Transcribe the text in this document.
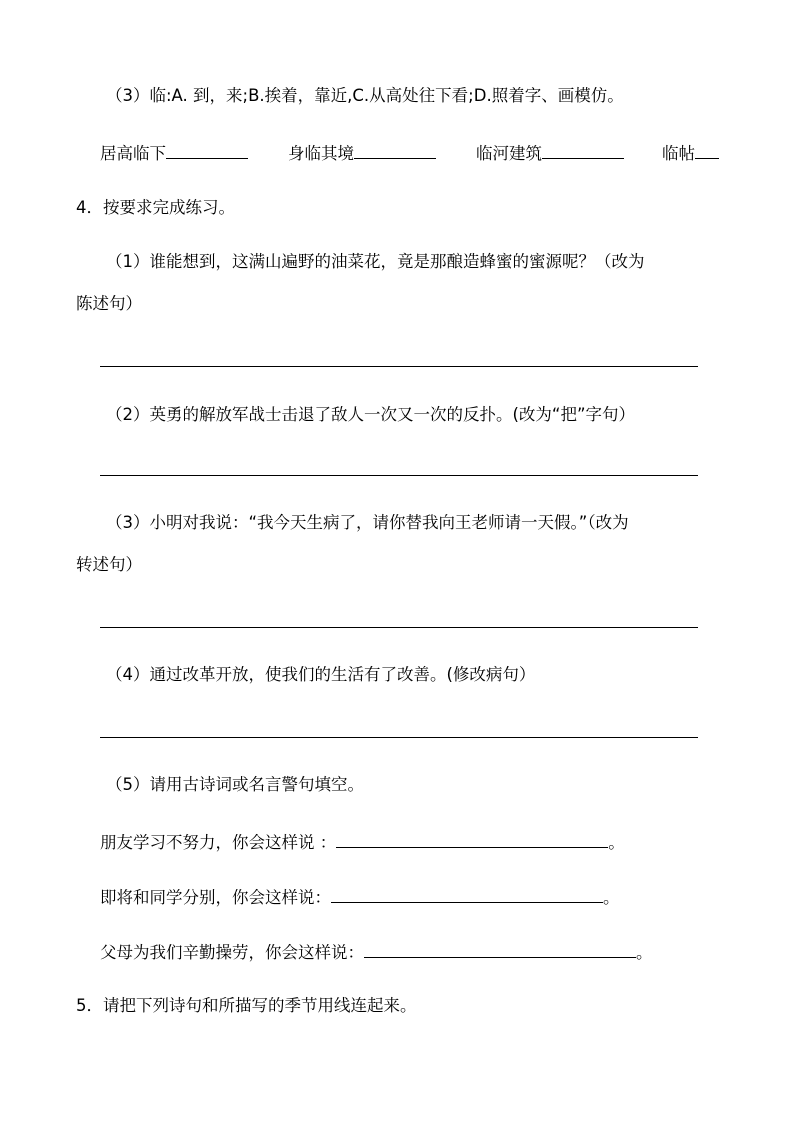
（3）临:A. 到，来;B.挨着，靠近,C.从高处往下看;D.照着字、画模仿。
居高临下	身临其境	临河建筑	临帖
4．按要求完成练习。
（1）谁能想到，这满山遍野的油菜花，竟是那酿造蜂蜜的蜜源呢？（改为
陈述句）
（2）英勇的解放军战士击退了敌人一次又一次的反扑。(改为“把”字句）
（3）小明对我说：“我今天生病了，请你替我向王老师请一天假。”（改为
转述句）
（4）通过改革开放，使我们的生活有了改善。(修改病句）
（5）请用古诗词或名言警句填空。
朋友学习不努力，你会这样说 ：	。
即将和同学分别，你会这样说：	。
父母为我们辛勤操劳，你会这样说：	。
5．请把下列诗句和所描写的季节用线连起来。
